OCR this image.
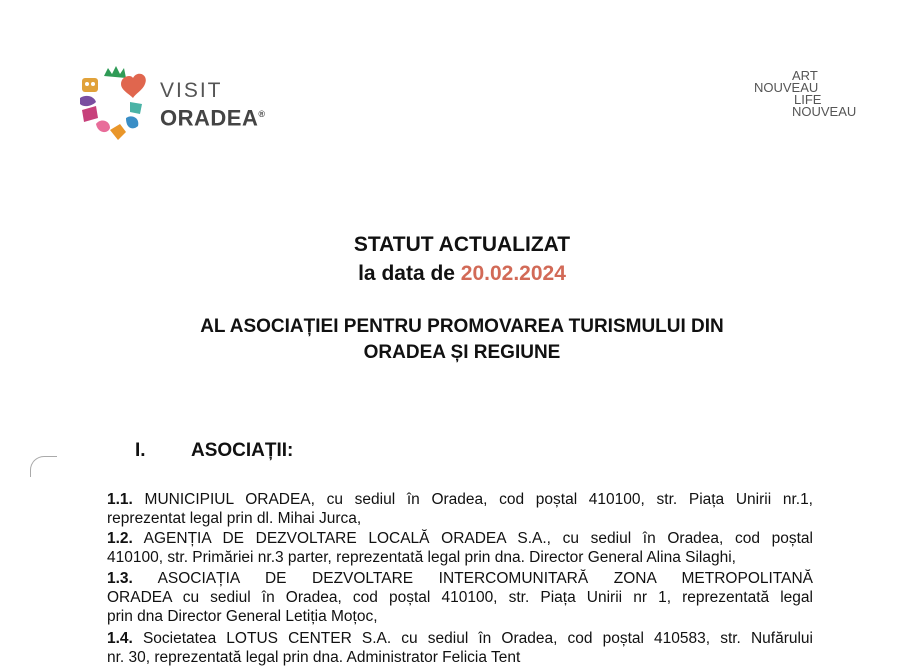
VISIT
ORADEA®
ART
NOUVEAU
LIFE
NOUVEAU
STATUT ACTUALIZAT
la data de 20.02.2024
AL ASOCIAȚIEI PENTRU PROMOVAREA TURISMULUI DIN
ORADEA ȘI REGIUNE
I. ASOCIAȚII:
1.1. MUNICIPIUL ORADEA, cu sediul în Oradea, cod poștal 410100, str. Piața Unirii nr.1,
reprezentat legal prin dl. Mihai Jurca,
1.2. AGENȚIA DE DEZVOLTARE LOCALĂ ORADEA S.A., cu sediul în Oradea, cod poștal
410100, str. Primăriei nr.3 parter, reprezentată legal prin dna. Director General Alina Silaghi,
1.3. ASOCIAȚIA DE DEZVOLTARE INTERCOMUNITARĂ ZONA METROPOLITANĂ
ORADEA cu sediul în Oradea, cod poștal 410100, str. Piața Unirii nr 1, reprezentată legal
prin dna Director General Letiția Moțoc,
1.4. Societatea LOTUS CENTER S.A. cu sediul în Oradea, cod poștal 410583, str. Nufărului
nr. 30, reprezentată legal prin dna. Administrator Felicia Tent
